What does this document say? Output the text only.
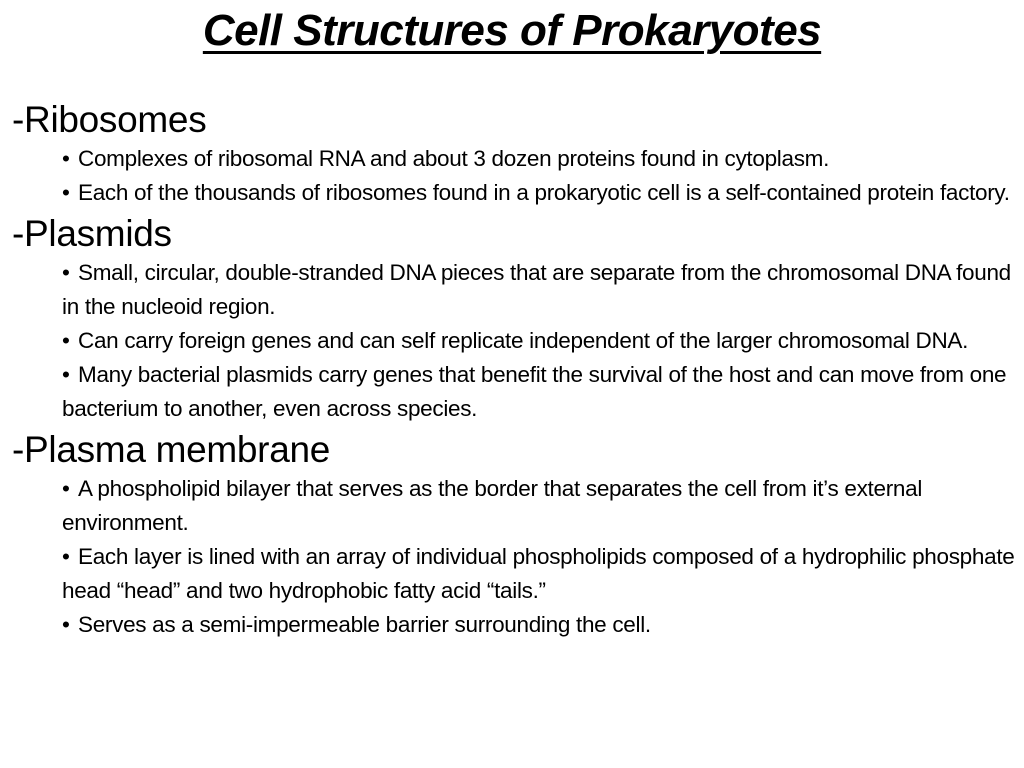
Cell Structures of Prokaryotes
-Ribosomes
• Complexes of ribosomal RNA and about 3 dozen proteins found in cytoplasm.
• Each of the thousands of ribosomes found in a prokaryotic cell is a self-contained protein factory.
-Plasmids
• Small, circular, double-stranded DNA pieces that are separate from the chromosomal DNA found in the nucleoid region.
• Can carry foreign genes and can self replicate independent of the larger chromosomal DNA.
• Many bacterial plasmids carry genes that benefit the survival of the host and can move from one bacterium to another, even across species.
-Plasma membrane
• A phospholipid bilayer that serves as the border that separates the cell from it’s external environment.
• Each layer is lined with an array of individual phospholipids composed of a hydrophilic phosphate head “head” and two hydrophobic fatty acid “tails.”
• Serves as a semi-impermeable barrier surrounding the cell.
